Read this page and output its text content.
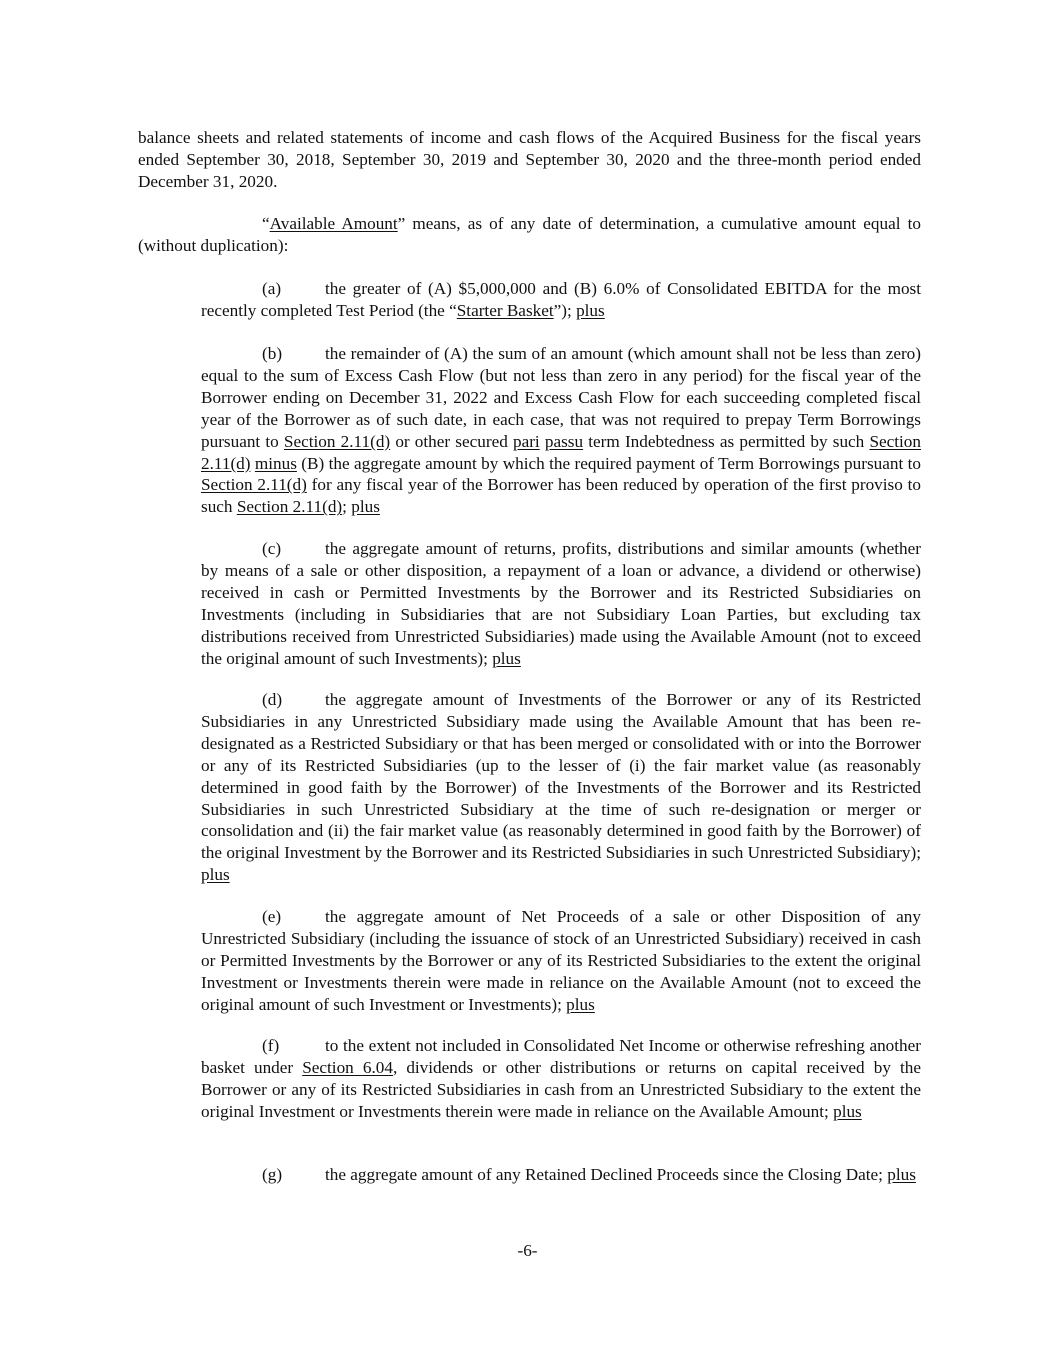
balance sheets and related statements of income and cash flows of the Acquired Business for the fiscal years ended September 30, 2018, September 30, 2019 and September 30, 2020 and the three-month period ended December 31, 2020.

“Available Amount” means, as of any date of determination, a cumulative amount equal to (without duplication):

(a)	the greater of (A) $5,000,000 and (B) 6.0% of Consolidated EBITDA for the most recently completed Test Period (the “Starter Basket”); plus

(b) the remainder of (A) the sum of an amount (which amount shall not be less than zero) equal to the sum of Excess Cash Flow (but not less than zero in any period) for the fiscal year of the Borrower ending on December 31, 2022 and Excess Cash Flow for each succeeding completed fiscal year of the Borrower as of such date, in each case, that was not required to prepay Term Borrowings pursuant to Section 2.11(d) or other secured pari passu term Indebtedness as permitted by such Section 2.11(d) minus (B) the aggregate amount by which the required payment of Term Borrowings pursuant to Section 2.11(d) for any fiscal year of the Borrower has been reduced by operation of the first proviso to such Section 2.11(d); plus

(c)	the aggregate amount of returns, profits, distributions and similar amounts (whether by means of a sale or other disposition, a repayment of a loan or advance, a dividend or otherwise) received in cash or Permitted Investments by the Borrower and its Restricted Subsidiaries on Investments (including in Subsidiaries that are not Subsidiary Loan Parties, but excluding tax distributions received from Unrestricted Subsidiaries) made using the Available Amount (not to exceed the original amount of such Investments); plus

(d) the aggregate amount of Investments of the Borrower or any of its Restricted Subsidiaries in any Unrestricted Subsidiary made using the Available Amount that has been re-designated as a Restricted Subsidiary or that has been merged or consolidated with or into the Borrower or any of its Restricted Subsidiaries (up to the lesser of (i) the fair market value (as reasonably determined in good faith by the Borrower) of the Investments of the Borrower and its Restricted Subsidiaries in such Unrestricted Subsidiary at the time of such re-designation or merger or consolidation and (ii) the fair market value (as reasonably determined in good faith by the Borrower) of the original Investment by the Borrower and its Restricted Subsidiaries in such Unrestricted Subsidiary); plus

(e)	the aggregate amount of Net Proceeds of a sale or other Disposition of any Unrestricted Subsidiary (including the issuance of stock of an Unrestricted Subsidiary) received in cash or Permitted Investments by the Borrower or any of its Restricted Subsidiaries to the extent the original Investment or Investments therein were made in reliance on the Available Amount (not to exceed the original amount of such Investment or Investments); plus

(f)	to the extent not included in Consolidated Net Income or otherwise refreshing another basket under Section 6.04, dividends or other distributions or returns on capital received by the Borrower or any of its Restricted Subsidiaries in cash from an Unrestricted Subsidiary to the extent the original Investment or Investments therein were made in reliance on the Available Amount; plus

(g) the aggregate amount of any Retained Declined Proceeds since the Closing Date; plus

-6-
